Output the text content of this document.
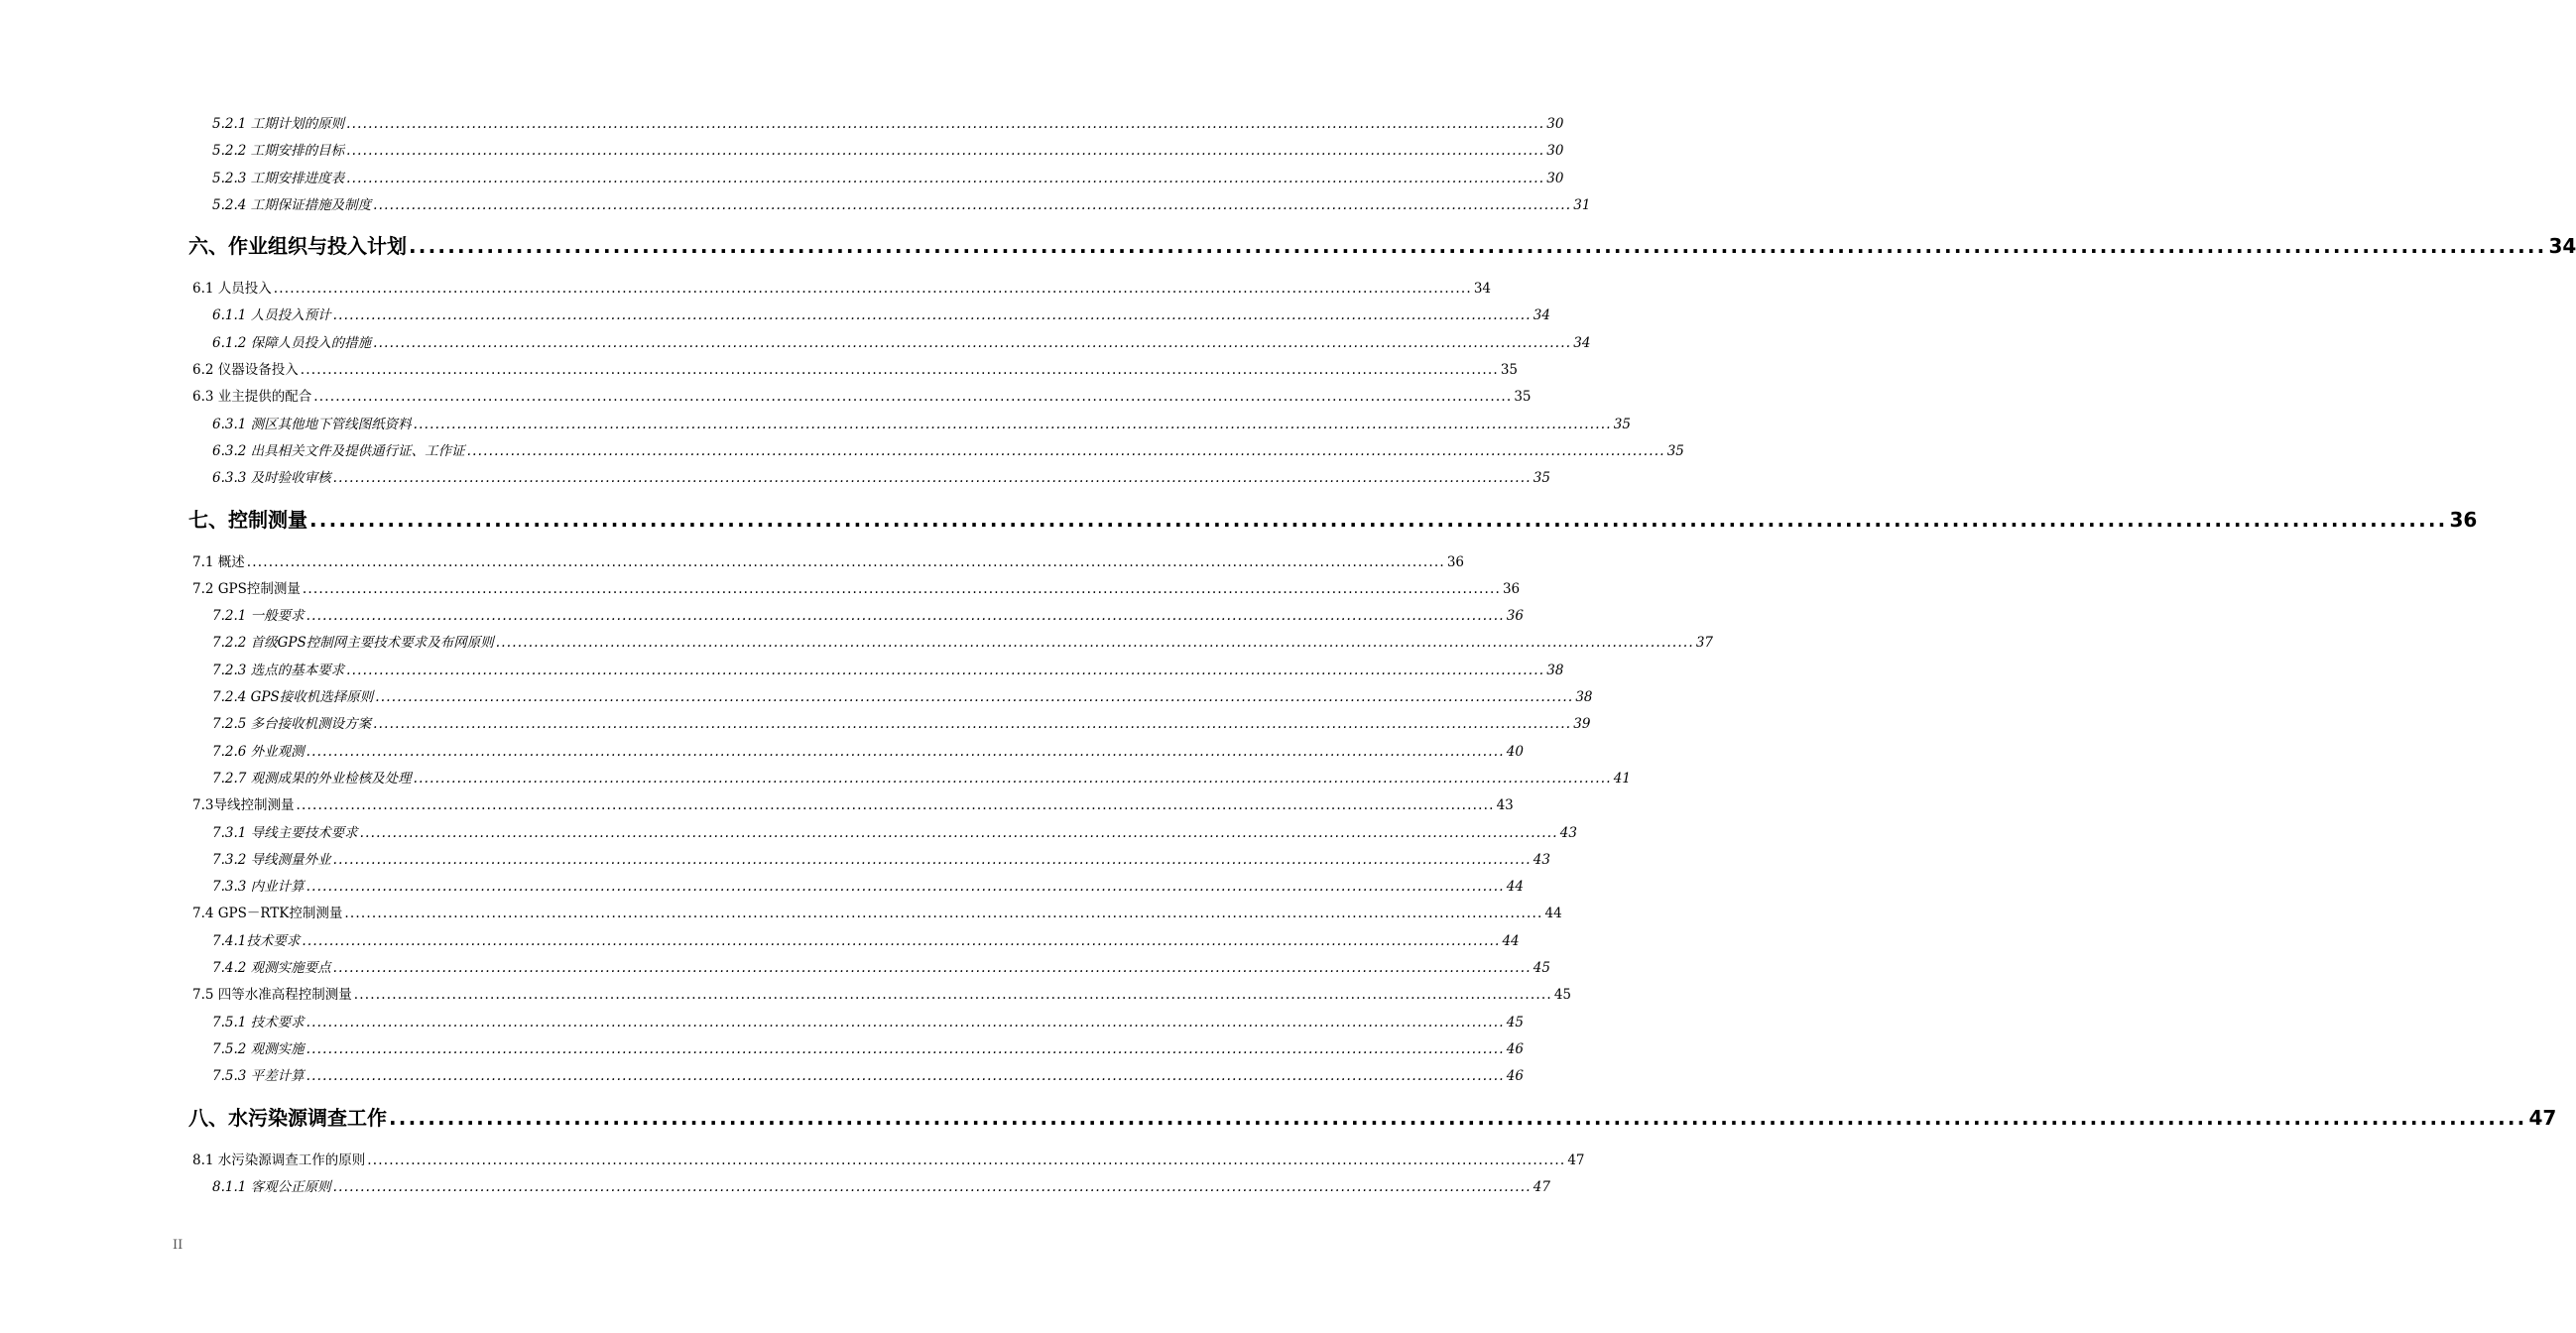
5.2.1 工期计划的原则 ............................................................................................................................................................................................................................ 30
5.2.2 工期安排的目标 ............................................................................................................................................................................................................................ 30
5.2.3 工期安排进度表 ............................................................................................................................................................................................................................ 30
5.2.4 工期保证措施及制度 ............................................................................................................................................................................................................................ 31
六、作业组织与投入计划 ............................................................................................................................................................................................................................ 34
6.1 人员投入 ............................................................................................................................................................................................................................ 34
6.1.1 人员投入预计 ............................................................................................................................................................................................................................ 34
6.1.2 保障人员投入的措施 ............................................................................................................................................................................................................................ 34
6.2 仪器设备投入 ............................................................................................................................................................................................................................ 35
6.3 业主提供的配合 ............................................................................................................................................................................................................................ 35
6.3.1 测区其他地下管线图纸资料 ............................................................................................................................................................................................................................ 35
6.3.2 出具相关文件及提供通行证、工作证 ............................................................................................................................................................................................................................ 35
6.3.3 及时验收审核 ............................................................................................................................................................................................................................ 35
七、控制测量 ............................................................................................................................................................................................................................ 36
7.1 概述 ............................................................................................................................................................................................................................ 36
7.2 GPS控制测量 ............................................................................................................................................................................................................................ 36
7.2.1 一般要求 ............................................................................................................................................................................................................................ 36
7.2.2 首级GPS控制网主要技术要求及布网原则 ............................................................................................................................................................................................................................ 37
7.2.3 选点的基本要求 ............................................................................................................................................................................................................................ 38
7.2.4 GPS接收机选择原则 ............................................................................................................................................................................................................................ 38
7.2.5 多台接收机测设方案 ............................................................................................................................................................................................................................ 39
7.2.6 外业观测 ............................................................................................................................................................................................................................ 40
7.2.7 观测成果的外业检核及处理 ............................................................................................................................................................................................................................ 41
7.3导线控制测量 ............................................................................................................................................................................................................................ 43
7.3.1 导线主要技术要求 ............................................................................................................................................................................................................................ 43
7.3.2 导线测量外业 ............................................................................................................................................................................................................................ 43
7.3.3 内业计算 ............................................................................................................................................................................................................................ 44
7.4 GPS－RTK控制测量 ............................................................................................................................................................................................................................ 44
7.4.1技术要求 ............................................................................................................................................................................................................................ 44
7.4.2 观测实施要点 ............................................................................................................................................................................................................................ 45
7.5 四等水准高程控制测量 ............................................................................................................................................................................................................................ 45
7.5.1 技术要求 ............................................................................................................................................................................................................................ 45
7.5.2 观测实施 ............................................................................................................................................................................................................................ 46
7.5.3 平差计算 ............................................................................................................................................................................................................................ 46
八、水污染源调查工作 ............................................................................................................................................................................................................................ 47
8.1 水污染源调查工作的原则 ............................................................................................................................................................................................................................ 47
8.1.1 客观公正原则 ............................................................................................................................................................................................................................ 47
II
